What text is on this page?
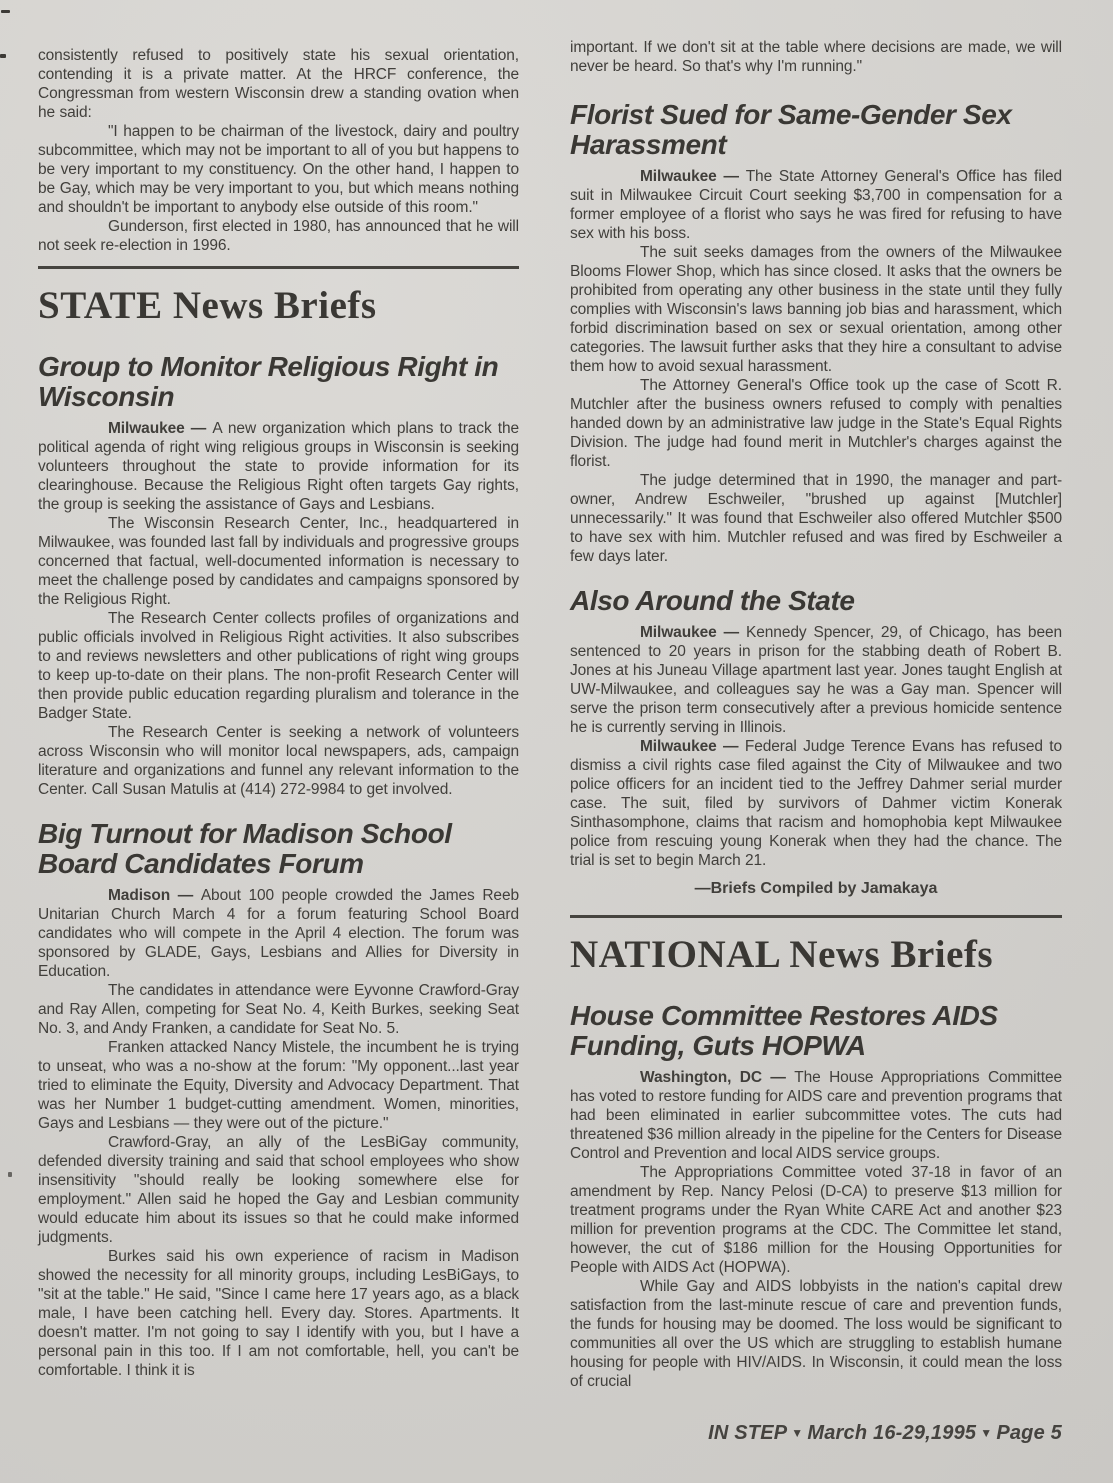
consistently refused to positively state his sexual orientation, contending it is a private matter. At the HRCF conference, the Congressman from western Wisconsin drew a standing ovation when he said:

"I happen to be chairman of the livestock, dairy and poultry subcommittee, which may not be important to all of you but happens to be very important to my constituency. On the other hand, I happen to be Gay, which may be very important to you, but which means nothing and shouldn't be important to anybody else outside of this room."

Gunderson, first elected in 1980, has announced that he will not seek re-election in 1996.

STATE News Briefs
Group to Monitor Religious Right in Wisconsin

Milwaukee — A new organization which plans to track the political agenda of right wing religious groups in Wisconsin is seeking volunteers throughout the state to provide information for its clearinghouse. Because the Religious Right often targets Gay rights, the group is seeking the assistance of Gays and Lesbians.

The Wisconsin Research Center, Inc., headquartered in Milwaukee, was founded last fall by individuals and progressive groups concerned that factual, well-documented information is necessary to meet the challenge posed by candidates and campaigns sponsored by the Religious Right.

The Research Center collects profiles of organizations and public officials involved in Religious Right activities. It also subscribes to and reviews newsletters and other publications of right wing groups to keep up-to-date on their plans. The non-profit Research Center will then provide public education regarding pluralism and tolerance in the Badger State.

The Research Center is seeking a network of volunteers across Wisconsin who will monitor local newspapers, ads, campaign literature and organizations and funnel any relevant information to the Center. Call Susan Matulis at (414) 272-9984 to get involved.

Big Turnout for Madison School Board Candidates Forum

Madison — About 100 people crowded the James Reeb Unitarian Church March 4 for a forum featuring School Board candidates who will compete in the April 4 election. The forum was sponsored by GLADE, Gays, Lesbians and Allies for Diversity in Education.

The candidates in attendance were Eyvonne Crawford-Gray and Ray Allen, competing for Seat No. 4, Keith Burkes, seeking Seat No. 3, and Andy Franken, a candidate for Seat No. 5.

Franken attacked Nancy Mistele, the incumbent he is trying to unseat, who was a no-show at the forum: "My opponent...last year tried to eliminate the Equity, Diversity and Advocacy Department. That was her Number 1 budget-cutting amendment. Women, minorities, Gays and Lesbians — they were out of the picture."

Crawford-Gray, an ally of the LesBiGay community, defended diversity training and said that school employees who show insensitivity "should really be looking somewhere else for employment." Allen said he hoped the Gay and Lesbian community would educate him about its issues so that he could make informed judgments.

Burkes said his own experience of racism in Madison showed the necessity for all minority groups, including LesBiGays, to "sit at the table." He said, "Since I came here 17 years ago, as a black male, I have been catching hell. Every day. Stores. Apartments. It doesn't matter. I'm not going to say I identify with you, but I have a personal pain in this too. If I am not comfortable, hell, you can't be comfortable. I think it is

important. If we don't sit at the table where decisions are made, we will never be heard. So that's why I'm running."

Florist Sued for Same-Gender Sex Harassment

Milwaukee — The State Attorney General's Office has filed suit in Milwaukee Circuit Court seeking $3,700 in compensation for a former employee of a florist who says he was fired for refusing to have sex with his boss.

The suit seeks damages from the owners of the Milwaukee Blooms Flower Shop, which has since closed. It asks that the owners be prohibited from operating any other business in the state until they fully complies with Wisconsin's laws banning job bias and harassment, which forbid discrimination based on sex or sexual orientation, among other categories. The lawsuit further asks that they hire a consultant to advise them how to avoid sexual harassment.

The Attorney General's Office took up the case of Scott R. Mutchler after the business owners refused to comply with penalties handed down by an administrative law judge in the State's Equal Rights Division. The judge had found merit in Mutchler's charges against the florist.

The judge determined that in 1990, the manager and part-owner, Andrew Eschweiler, "brushed up against [Mutchler] unnecessarily." It was found that Eschweiler also offered Mutchler $500 to have sex with him. Mutchler refused and was fired by Eschweiler a few days later.

Also Around the State

Milwaukee — Kennedy Spencer, 29, of Chicago, has been sentenced to 20 years in prison for the stabbing death of Robert B. Jones at his Juneau Village apartment last year. Jones taught English at UW-Milwaukee, and colleagues say he was a Gay man. Spencer will serve the prison term consecutively after a previous homicide sentence he is currently serving in Illinois.

Milwaukee — Federal Judge Terence Evans has refused to dismiss a civil rights case filed against the City of Milwaukee and two police officers for an incident tied to the Jeffrey Dahmer serial murder case. The suit, filed by survivors of Dahmer victim Konerak Sinthasomphone, claims that racism and homophobia kept Milwaukee police from rescuing young Konerak when they had the chance. The trial is set to begin March 21.

—Briefs Compiled by Jamakaya

NATIONAL News Briefs
House Committee Restores AIDS Funding, Guts HOPWA

Washington, DC — The House Appropriations Committee has voted to restore funding for AIDS care and prevention programs that had been eliminated in earlier subcommittee votes. The cuts had threatened $36 million already in the pipeline for the Centers for Disease Control and Prevention and local AIDS service groups.

The Appropriations Committee voted 37-18 in favor of an amendment by Rep. Nancy Pelosi (D-CA) to preserve $13 million for treatment programs under the Ryan White CARE Act and another $23 million for prevention programs at the CDC. The Committee let stand, however, the cut of $186 million for the Housing Opportunities for People with AIDS Act (HOPWA).

While Gay and AIDS lobbyists in the nation's capital drew satisfaction from the last-minute rescue of care and prevention funds, the funds for housing may be doomed. The loss would be significant to communities all over the US which are struggling to establish humane housing for people with HIV/AIDS. In Wisconsin, it could mean the loss of crucial

IN STEP ▼ March 16-29,1995 ▼ Page 5
